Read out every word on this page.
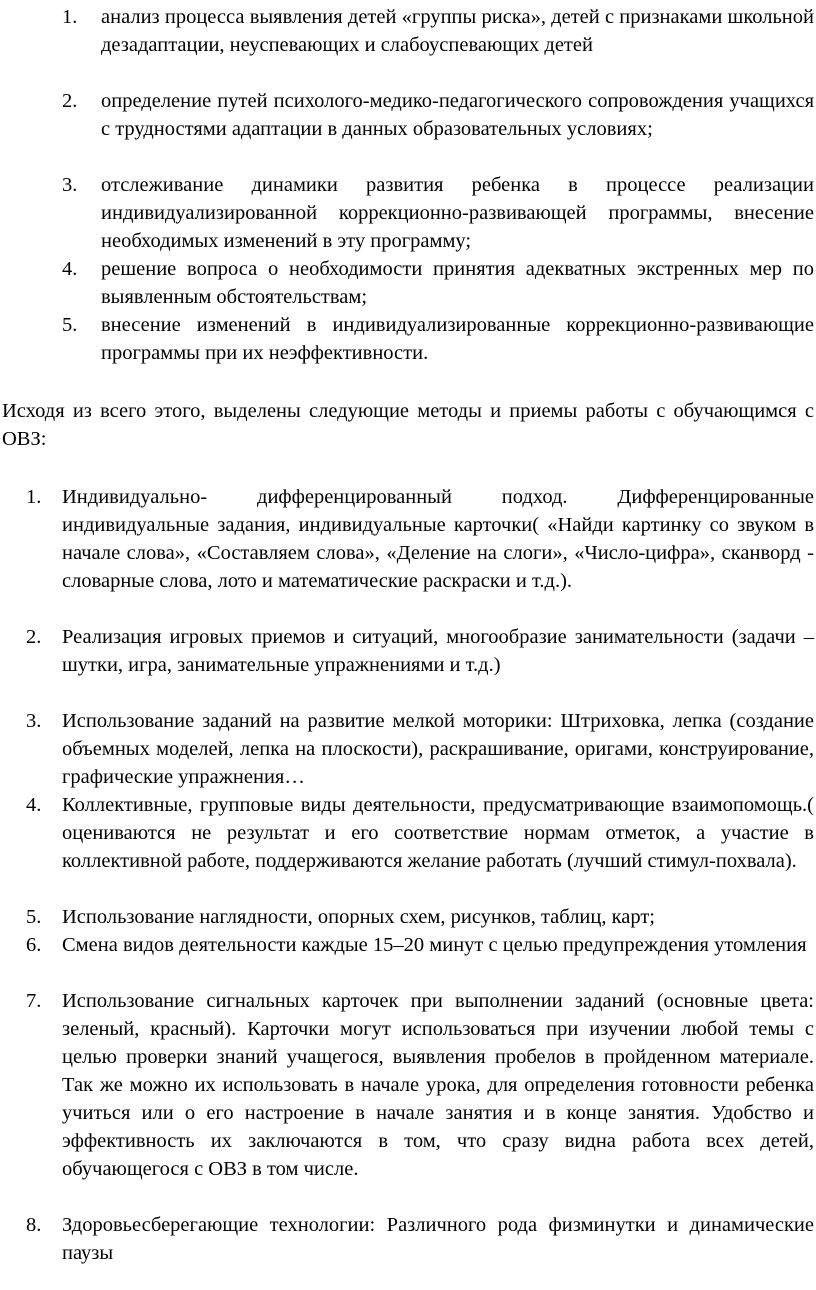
1. анализ процесса выявления детей «группы риска», детей с признаками школьной дезадаптации, неуспевающих и слабоуспевающих детей
2. определение путей психолого-медико-педагогического сопровождения учащихся с трудностями адаптации в данных образовательных условиях;
3. отслеживание динамики развития ребенка в процессе реализации индивидуализированной коррекционно-развивающей программы, внесение необходимых изменений в эту программу;
4. решение вопроса о необходимости принятия адекватных экстренных мер по выявленным обстоятельствам;
5. внесение изменений в индивидуализированные коррекционно-развивающие программы при их неэффективности.

Исходя из всего этого, выделены следующие методы и приемы работы с обучающимся с ОВЗ:

1. Индивидуально- дифференцированный подход. Дифференцированные индивидуальные задания, индивидуальные карточки( «Найди картинку со звуком в начале слова», «Составляем слова», «Деление на слоги», «Число-цифра», сканворд - словарные слова, лото и математические раскраски и т.д.).
2. Реализация игровых приемов и ситуаций, многообразие занимательности (задачи – шутки, игра, занимательные упражнениями и т.д.)
3. Использование заданий на развитие мелкой моторики: Штриховка, лепка (создание объемных моделей, лепка на плоскости), раскрашивание, оригами, конструирование, графические упражнения…
4. Коллективные, групповые виды деятельности, предусматривающие взаимопомощь.( оцениваются не результат и его соответствие нормам отметок, а участие в коллективной работе, поддерживаются желание работать (лучший стимул-похвала).
5. Использование наглядности, опорных схем, рисунков, таблиц, карт;
6. Смена видов деятельности каждые 15–20 минут с целью предупреждения утомления
7. Использование сигнальных карточек при выполнении заданий (основные цвета: зеленый, красный). Карточки могут использоваться при изучении любой темы с целью проверки знаний учащегося, выявления пробелов в пройденном материале. Так же можно их использовать в начале урока, для определения готовности ребенка учиться или о его настроение в начале занятия и в конце занятия. Удобство и эффективность их заключаются в том, что сразу видна работа всех детей, обучающегося с ОВЗ в том числе.
8. Здоровьесберегающие технологии: Различного рода физминутки и динамические паузы
